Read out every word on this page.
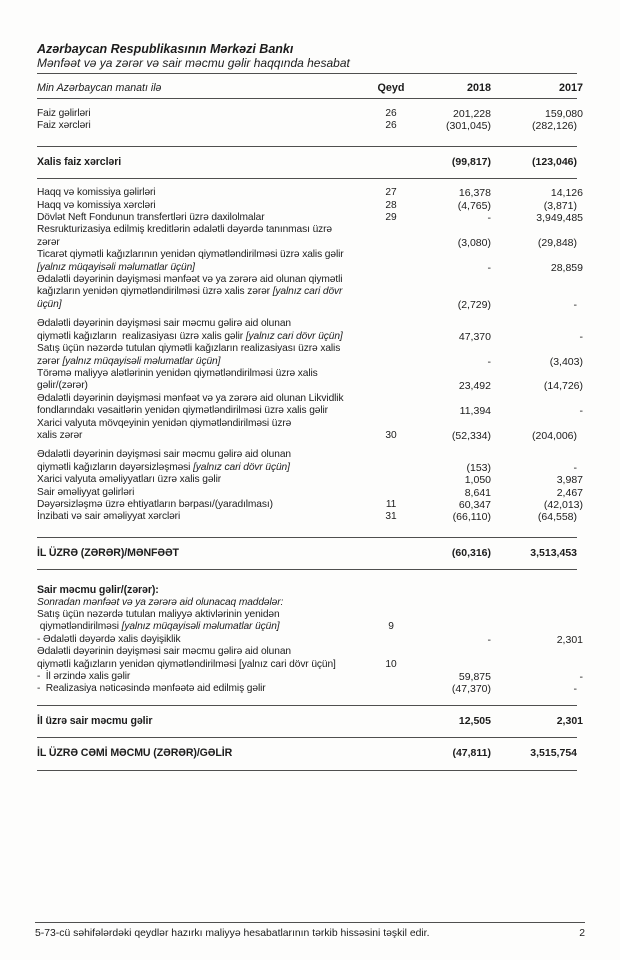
Azərbaycan Respublikasının Mərkəzi Bankı
Mənfəət və ya zərər və sair məcmu gəlir haqqında hesabat
Min Azərbaycan manatı ilə	Qeyd	2018	2017
Faiz gəlirləri	26	201,228	159,080
Faiz xərcləri	26	(301,045)	(282,126)
Xalis faiz xərcləri	(99,817)	(123,046)
Haqq və komissiya gəlirləri	27	16,378	14,126
Haqq və komissiya xərcləri	28	(4,765)	(3,871)
Dövlət Neft Fondunun transfertləri üzrə daxilolmalar	29	-	3,949,485
Resrukturizasiya edilmiş kreditlərin ədalətli dəyərdə tanınması üzrə
zərər	(3,080)	(29,848)
Ticarət qiymətli kağızlarının yenidən qiymətləndirilməsi üzrə xalis gəlir
[yalnız müqayisəli məlumatlar üçün]	-	28,859
Ədalətli dəyərinin dəyişməsi mənfəət və ya zərərə aid olunan qiymətli
kağızların yenidən qiymətləndirilməsi üzrə xalis zərər [yalnız cari dövr
üçün]	(2,729)	-
Ədalətli dəyərinin dəyişməsi sair məcmu gəlirə aid olunan
qiymətli kağızların  realizasiyası üzrə xalis gəlir [yalnız cari dövr üçün]	47,370	-
Satış üçün nəzərdə tutulan qiymətli kağızların realizasiyası üzrə xalis
zərər [yalnız müqayisəli məlumatlar üçün]	-	(3,403)
Törəmə maliyyə alətlərinin yenidən qiymətləndirilməsi üzrə xalis
gəlir/(zərər)	23,492	(14,726)
Ədalətli dəyərinin dəyişməsi mənfəət və ya zərərə aid olunan Likvidlik
fondlarındakı vəsaitlərin yenidən qiymətləndirilməsi üzrə xalis gəlir	11,394	-
Xarici valyuta mövqeyinin yenidən qiymətləndirilməsi üzrə
xalis zərər	30	(52,334)	(204,006)
Ədalətli dəyərinin dəyişməsi sair məcmu gəlirə aid olunan
qiymətli kağızların dəyərsizləşməsi [yalnız cari dövr üçün]	(153)	-
Xarici valyuta əməliyyatları üzrə xalis gəlir	1,050	3,987
Sair əməliyyat gəlirləri	8,641	2,467
Dəyərsizləşmə üzrə ehtiyatların bərpası/(yaradılması)	11	60,347	(42,013)
İnzibati və sair əməliyyat xərcləri	31	(66,110)	(64,558)
İL ÜZRƏ (ZƏRƏR)/MƏNFƏƏT	(60,316)	3,513,453
Sair məcmu gəlir/(zərər):
Sonradan mənfəət və ya zərərə aid olunacaq maddələr:
Satış üçün nəzərdə tutulan maliyyə aktivlərinin yenidən
qiymətləndirilməsi [yalnız müqayisəli məlumatlar üçün]	9
- Ədalətli dəyərdə xalis dəyişiklik	-	2,301
Ədalətli dəyərinin dəyişməsi sair məcmu gəlirə aid olunan
qiymətli kağızların yenidən qiymətləndirilməsi [yalnız cari dövr üçün]	10
-  İl ərzində xalis gəlir	59,875	-
-  Realizasiya nəticəsində mənfəətə aid edilmiş gəlir	(47,370)	-
İl üzrə sair məcmu gəlir	12,505	2,301
İL ÜZRƏ CƏMİ MƏCMU (ZƏRƏR)/GƏLİR	(47,811)	3,515,754
5-73-cü səhifələrdəki qeydlər hazırkı maliyyə hesabatlarının tərkib hissəsini təşkil edir.	2
